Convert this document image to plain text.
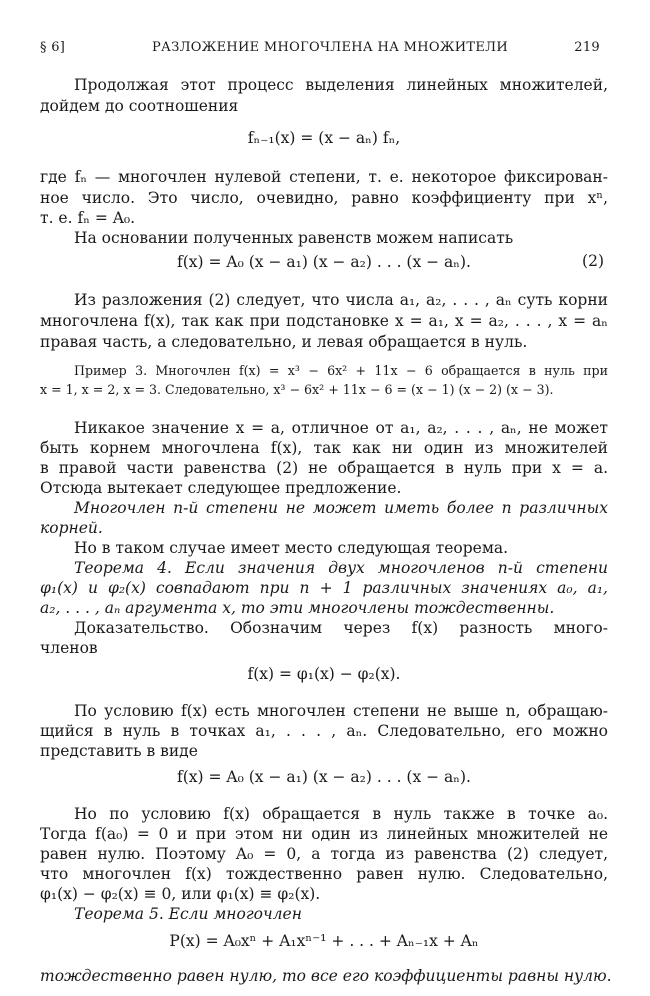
§ 6]	РАЗЛОЖЕНИЕ МНОГОЧЛЕНА НА МНОЖИТЕЛИ	219
Продолжая этот процесс выделения линейных множителей,
дойдем до соотношения
fₙ₋₁(x) = (x − aₙ) fₙ,
где fₙ — многочлен нулевой степени, т. е. некоторое фиксирован-
ное число. Это число, очевидно, равно коэффициенту при xⁿ,
т. е. fₙ = A₀.
На основании полученных равенств можем написать
f(x) = A₀ (x − a₁) (x − a₂) . . . (x − aₙ).	(2)
Из разложения (2) следует, что числа a₁, a₂, . . . , aₙ суть корни
многочлена f(x), так как при подстановке x = a₁, x = a₂, . . . , x = aₙ
правая часть, а следовательно, и левая обращается в нуль.
Пример 3. Многочлен f(x) = x³ − 6x² + 11x − 6 обращается в нуль при
x = 1, x = 2, x = 3. Следовательно, x³ − 6x² + 11x − 6 = (x − 1) (x − 2) (x − 3).
Никакое значение x = a, отличное от a₁, a₂, . . . , aₙ, не может
быть корнем многочлена f(x), так как ни один из множителей
в правой части равенства (2) не обращается в нуль при x = a.
Отсюда вытекает следующее предложение.
Многочлен n-й степени не может иметь более n различных
корней.
Но в таком случае имеет место следующая теорема.
Теорема 4. Если значения двух многочленов n-й степени
φ₁(x) и φ₂(x) совпадают при n + 1 различных значениях a₀, a₁,
a₂, . . . , aₙ аргумента x, то эти многочлены тождественны.
Доказательство. Обозначим через f(x) разность много-
членов
f(x) = φ₁(x) − φ₂(x).
По условию f(x) есть многочлен степени не выше n, обращаю-
щийся в нуль в точках a₁, . . . , aₙ. Следовательно, его можно
представить в виде
f(x) = A₀ (x − a₁) (x − a₂) . . . (x − aₙ).
Но по условию f(x) обращается в нуль также в точке a₀.
Тогда f(a₀) = 0 и при этом ни один из линейных множителей не
равен нулю. Поэтому A₀ = 0, а тогда из равенства (2) следует,
что многочлен f(x) тождественно равен нулю. Следовательно,
φ₁(x) − φ₂(x) ≡ 0, или φ₁(x) ≡ φ₂(x).
Теорема 5. Если многочлен
P(x) = A₀xⁿ + A₁xⁿ⁻¹ + . . . + Aₙ₋₁x + Aₙ
тождественно равен нулю, то все его коэффициенты равны нулю.
